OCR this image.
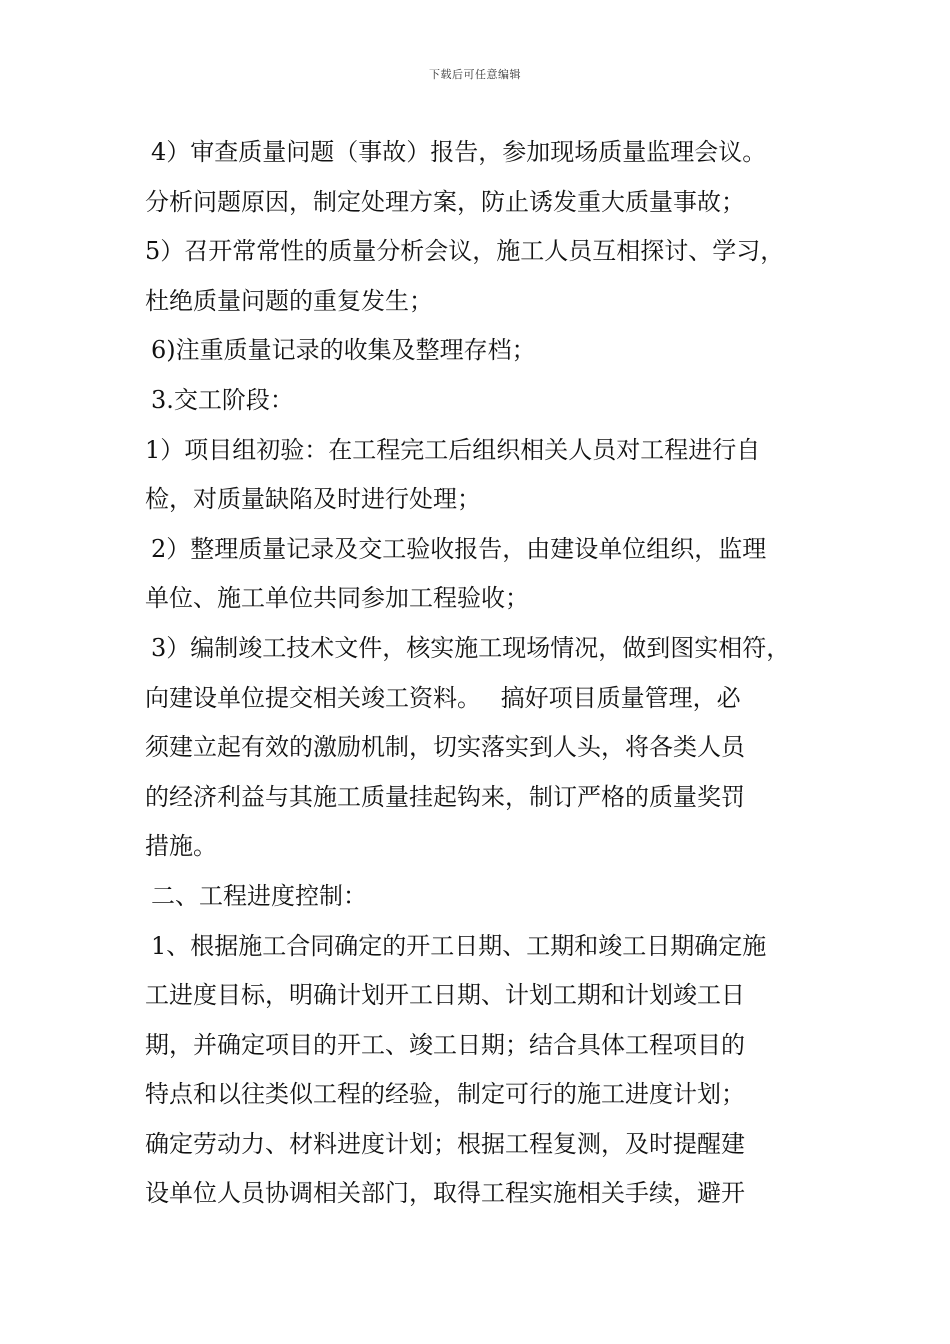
下载后可任意编辑
4）审查质量问题（事故）报告，参加现场质量监理会议。
分析问题原因，制定处理方案，防止诱发重大质量事故；
5）召开常常性的质量分析会议，施工人员互相探讨、学习，
杜绝质量问题的重复发生；
6)注重质量记录的收集及整理存档；
3.交工阶段：
1）项目组初验：在工程完工后组织相关人员对工程进行自
检，对质量缺陷及时进行处理；
2）整理质量记录及交工验收报告，由建设单位组织，监理
单位、施工单位共同参加工程验收；
3）编制竣工技术文件，核实施工现场情况，做到图实相符，
向建设单位提交相关竣工资料。　 搞好项目质量管理，必
须建立起有效的激励机制，切实落实到人头，将各类人员
的经济利益与其施工质量挂起钩来，制订严格的质量奖罚
措施。
二、工程进度控制：
1、根据施工合同确定的开工日期、工期和竣工日期确定施
工进度目标，明确计划开工日期、计划工期和计划竣工日
期，并确定项目的开工、竣工日期；结合具体工程项目的
特点和以往类似工程的经验，制定可行的施工进度计划；
确定劳动力、材料进度计划；根据工程复测，及时提醒建
设单位人员协调相关部门，取得工程实施相关手续，避开
